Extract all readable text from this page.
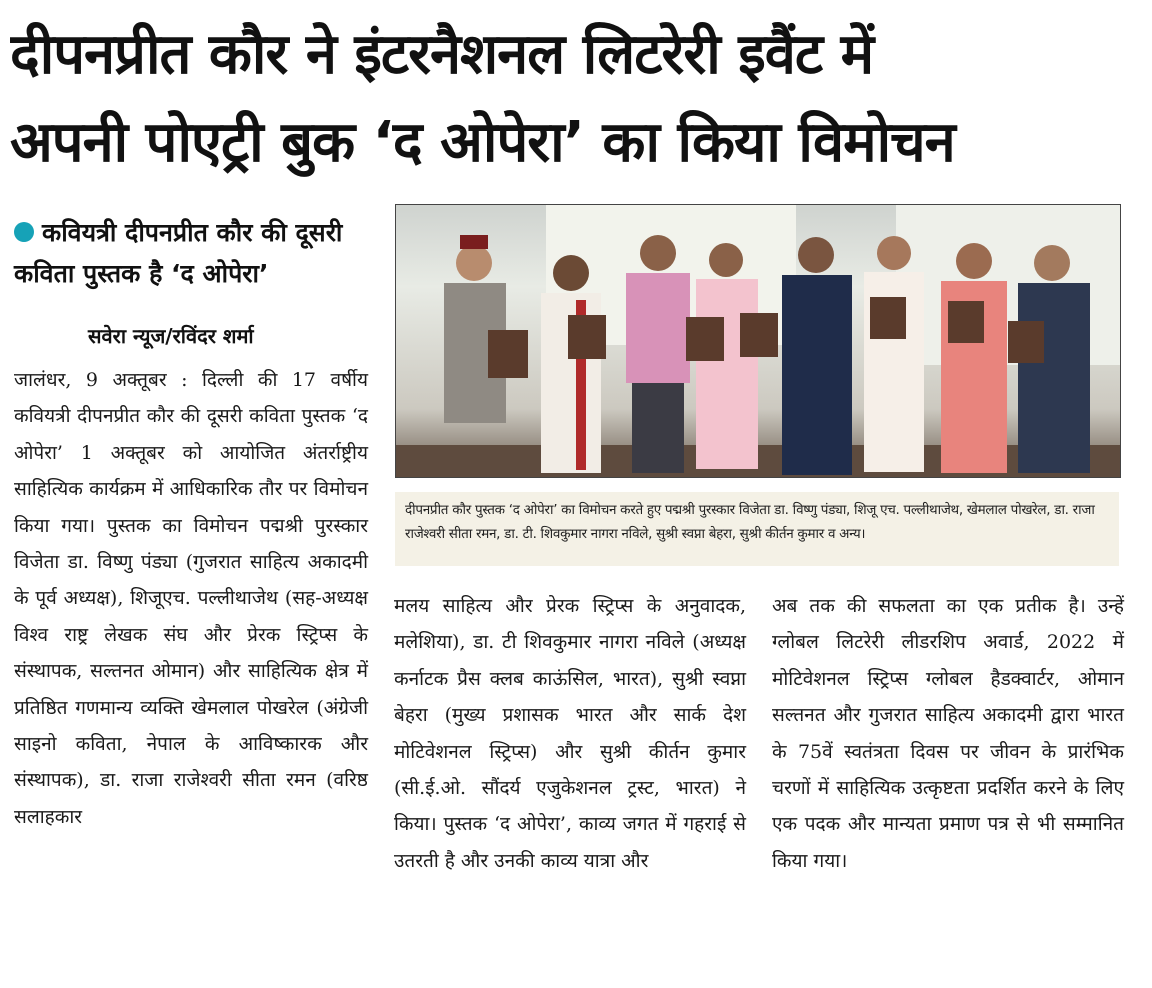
दीपनप्रीत कौर ने इंटरनैशनल लिटरेरी इवैंट में
अपनी पोएट्री बुक ‘द ओपेरा’ का किया विमोचन
कवियत्री दीपनप्रीत कौर की दूसरी कविता पुस्तक है ‘द ओपेरा’
सवेरा न्यूज/रविंदर शर्मा
जालंधर, 9 अक्तूबर : दिल्ली की 17 वर्षीय कवियत्री दीपनप्रीत कौर की दूसरी कविता पुस्तक ‘द ओपेरा’ 1 अक्तूबर को आयोजित अंतर्राष्ट्रीय साहित्यिक कार्यक्रम में आधिकारिक तौर पर विमोचन किया गया। पुस्तक का विमोचन पद्मश्री पुरस्कार विजेता डा. विष्णु पंड्या (गुजरात साहित्य अकादमी के पूर्व अध्यक्ष), शिजूएच. पल्लीथाजेथ (सह-अध्यक्ष विश्व राष्ट्र लेखक संघ और प्रेरक स्ट्रिप्स के संस्थापक, सल्तनत ओमान) और साहित्यिक क्षेत्र में प्रतिष्ठित गणमान्य व्यक्ति खेमलाल पोखरेल (अंग्रेजी साइनो कविता, नेपाल के आविष्कारक और संस्थापक), डा. राजा राजेश्वरी सीता रमन (वरिष्ठ सलाहकार
दीपनप्रीत कौर पुस्तक ‘द ओपेरा’ का विमोचन करते हुए पद्मश्री पुरस्कार विजेता डा. विष्णु पंड्या, शिजू एच. पल्लीथाजेथ, खेमलाल पोखरेल, डा. राजा राजेश्वरी सीता रमन, डा. टी. शिवकुमार नागरा नविले, सुश्री स्वप्ना बेहरा, सुश्री कीर्तन कुमार व अन्य।
मलय साहित्य और प्रेरक स्ट्रिप्स के अनुवादक, मलेशिया), डा. टी शिवकुमार नागरा नविले (अध्यक्ष कर्नाटक प्रैस क्लब काऊंसिल, भारत), सुश्री स्वप्ना बेहरा (मुख्य प्रशासक भारत और सार्क देश मोटिवेशनल स्ट्रिप्स) और सुश्री कीर्तन कुमार (सी.ई.ओ. सौंदर्य एजुकेशनल ट्रस्ट, भारत) ने किया। पुस्तक ‘द ओपेरा’, काव्य जगत में गहराई से उतरती है और उनकी काव्य यात्रा और
अब तक की सफलता का एक प्रतीक है। उन्हें ग्लोबल लिटरेरी लीडरशिप अवार्ड, 2022 में मोटिवेशनल स्ट्रिप्स ग्लोबल हैडक्वार्टर, ओमान सल्तनत और गुजरात साहित्य अकादमी द्वारा भारत के 75वें स्वतंत्रता दिवस पर जीवन के प्रारंभिक चरणों में साहित्यिक उत्कृष्टता प्रदर्शित करने के लिए एक पदक और मान्यता प्रमाण पत्र से भी सम्मानित किया गया।
